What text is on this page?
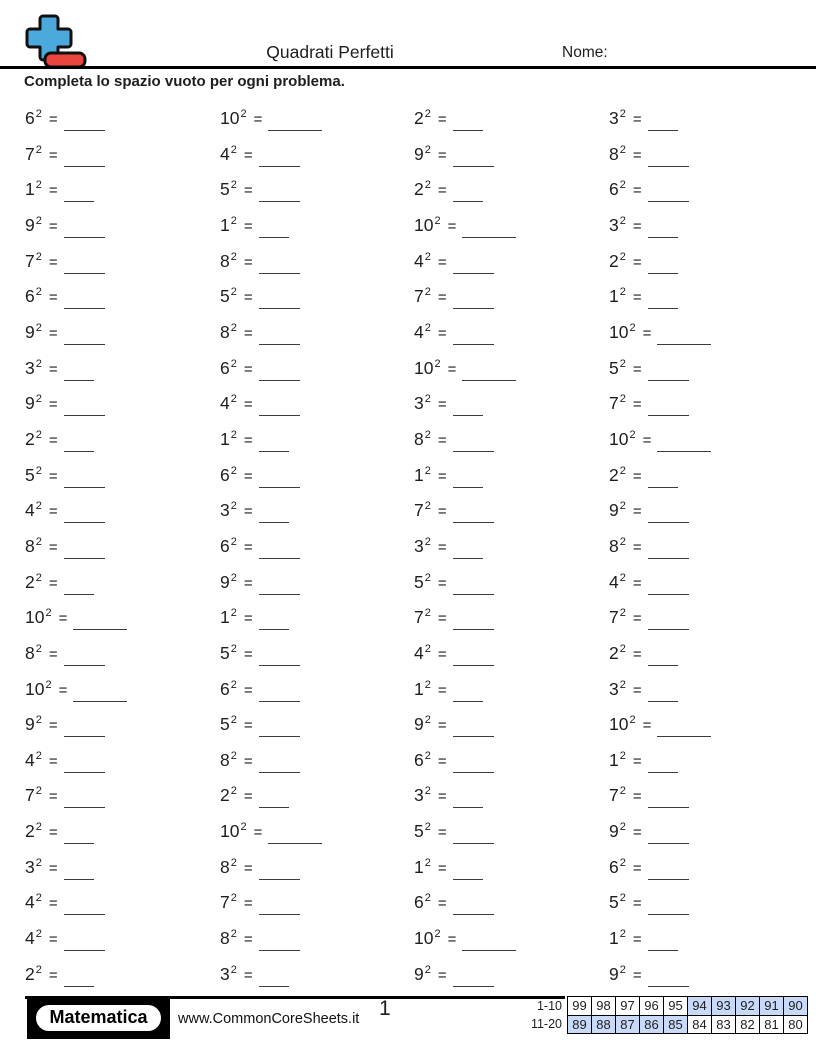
Quadrati Perfetti	Nome:
Completa lo spazio vuoto per ogni problema.
$6^2$ =	$10^2$ =	$2^2$ =	$3^2$ =
$7^2$ =	$4^2$ =	$9^2$ =	$8^2$ =
$1^2$ =	$5^2$ =	$2^2$ =	$6^2$ =
$9^2$ =	$1^2$ =	$10^2$ =	$3^2$ =
$7^2$ =	$8^2$ =	$4^2$ =	$2^2$ =
$6^2$ =	$5^2$ =	$7^2$ =	$1^2$ =
$9^2$ =	$8^2$ =	$4^2$ =	$10^2$ =
$3^2$ =	$6^2$ =	$10^2$ =	$5^2$ =
$9^2$ =	$4^2$ =	$3^2$ =	$7^2$ =
$2^2$ =	$1^2$ =	$8^2$ =	$10^2$ =
$5^2$ =	$6^2$ =	$1^2$ =	$2^2$ =
$4^2$ =	$3^2$ =	$7^2$ =	$9^2$ =
$8^2$ =	$6^2$ =	$3^2$ =	$8^2$ =
$2^2$ =	$9^2$ =	$5^2$ =	$4^2$ =
$10^2$ =	$1^2$ =	$7^2$ =	$7^2$ =
$8^2$ =	$5^2$ =	$4^2$ =	$2^2$ =
$10^2$ =	$6^2$ =	$1^2$ =	$3^2$ =
$9^2$ =	$5^2$ =	$9^2$ =	$10^2$ =
$4^2$ =	$8^2$ =	$6^2$ =	$1^2$ =
$7^2$ =	$2^2$ =	$3^2$ =	$7^2$ =
$2^2$ =	$10^2$ =	$5^2$ =	$9^2$ =
$3^2$ =	$8^2$ =	$1^2$ =	$6^2$ =
$4^2$ =	$7^2$ =	$6^2$ =	$5^2$ =
$4^2$ =	$8^2$ =	$10^2$ =	$1^2$ =
$2^2$ =	$3^2$ =	$9^2$ =	$9^2$ =
Matematica	www.CommonCoreSheets.it 1	1-10	99	98	97	96	95	94	93	92	91	90
11-20	89	88	87	86	85	84	83	82	81	80
